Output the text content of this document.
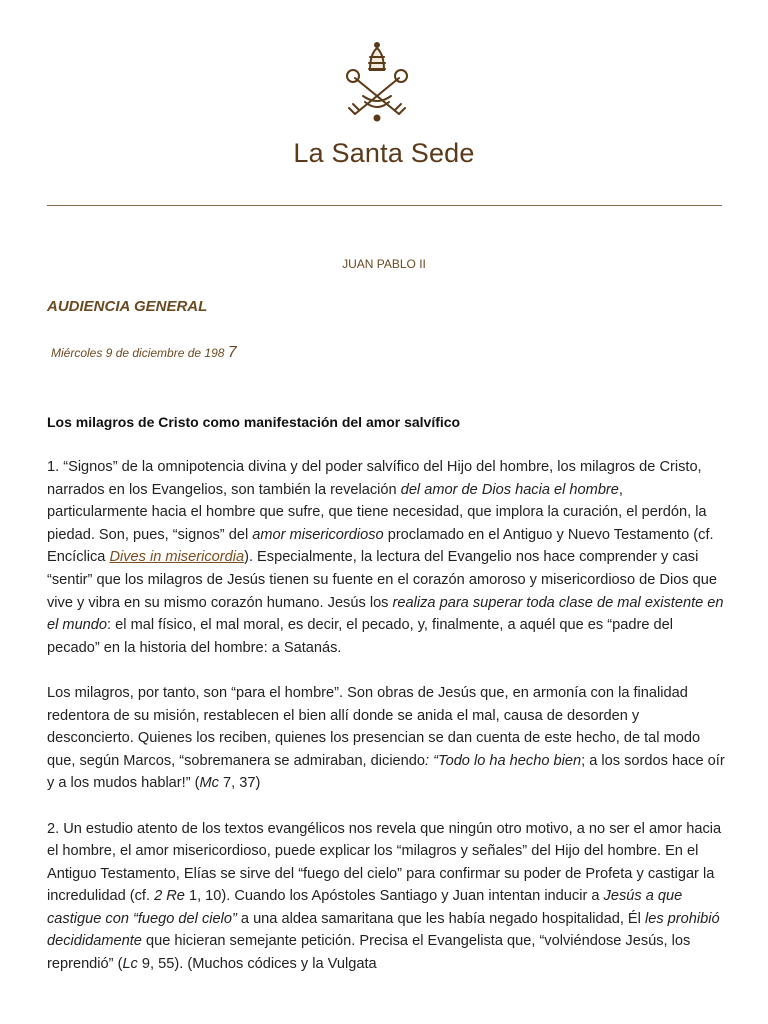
La Santa Sede
JUAN PABLO II
AUDIENCIA GENERAL
Miércoles 9 de diciembre de 198 7
Los milagros de Cristo como manifestación del amor salvífico

1. “Signos” de la omnipotencia divina y del poder salvífico del Hijo del hombre, los milagros de Cristo, narrados en los Evangelios, son también la revelación del amor de Dios hacia el hombre, particularmente hacia el hombre que sufre, que tiene necesidad, que implora la curación, el perdón, la piedad. Son, pues, “signos” del amor misericordioso proclamado en el Antiguo y Nuevo Testamento (cf. Encíclica Dives in misericordia). Especialmente, la lectura del Evangelio nos hace comprender y casi “sentir” que los milagros de Jesús tienen su fuente en el corazón amoroso y misericordioso de Dios que vive y vibra en su mismo corazón humano. Jesús los realiza para superar toda clase de mal existente en el mundo: el mal físico, el mal moral, es decir, el pecado, y, finalmente, a aquél que es “padre del pecado” en la historia del hombre: a Satanás.

Los milagros, por tanto, son “para el hombre”. Son obras de Jesús que, en armonía con la finalidad redentora de su misión, restablecen el bien allí donde se anida el mal, causa de desorden y desconcierto. Quienes los reciben, quienes los presencian se dan cuenta de este hecho, de tal modo que, según Marcos, “sobremanera se admiraban, diciendo: “Todo lo ha hecho bien; a los sordos hace oír y a los mudos hablar!” (Mc 7, 37)

2. Un estudio atento de los textos evangélicos nos revela que ningún otro motivo, a no ser el amor hacia el hombre, el amor misericordioso, puede explicar los “milagros y señales” del Hijo del hombre. En el Antiguo Testamento, Elías se sirve del “fuego del cielo” para confirmar su poder de Profeta y castigar la incredulidad (cf. 2 Re 1, 10). Cuando los Apóstoles Santiago y Juan intentan inducir a Jesús a que castigue con “fuego del cielo” a una aldea samaritana que les había negado hospitalidad, Él les prohibió decididamente que hicieran semejante petición. Precisa el Evangelista que, “volviéndose Jesús, los reprendió” (Lc 9, 55). (Muchos códices y la Vulgata
